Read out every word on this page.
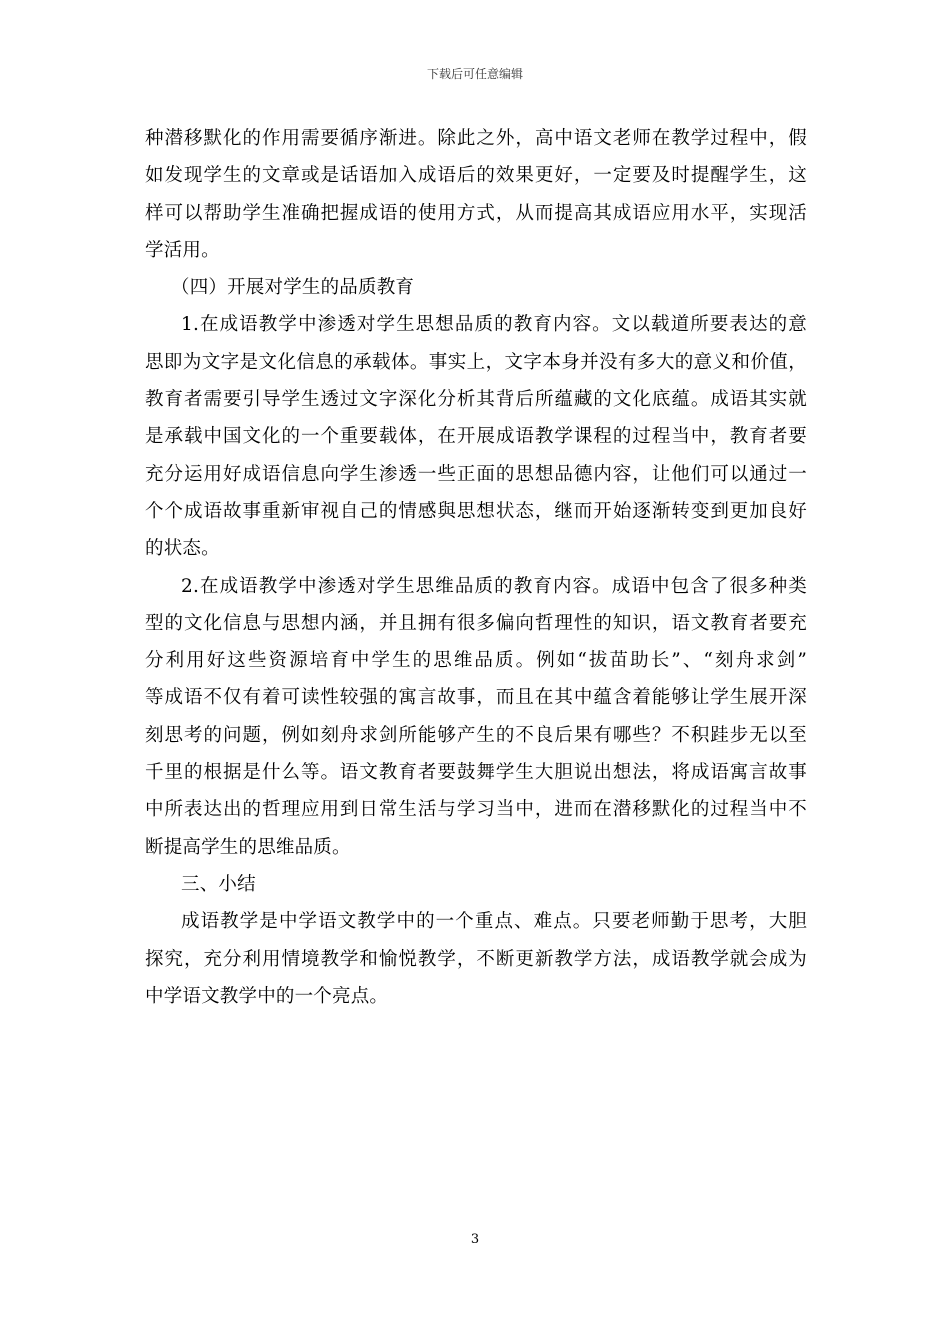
下载后可任意编辑
种潜移默化的作用需要循序渐进。除此之外，高中语文老师在教学过程中，假
如发现学生的文章或是话语加入成语后的效果更好，一定要及时提醒学生，这
样可以帮助学生准确把握成语的使用方式，从而提高其成语应用水平，实现活
学活用。
（四）开展对学生的品质教育
1.在成语教学中渗透对学生思想品质的教育内容。文以载道所要表达的意
思即为文字是文化信息的承载体。事实上，文字本身并没有多大的意义和价值，
教育者需要引导学生透过文字深化分析其背后所蕴藏的文化底蕴。成语其实就
是承载中国文化的一个重要载体，在开展成语教学课程的过程当中，教育者要
充分运用好成语信息向学生渗透一些正面的思想品德内容，让他们可以通过一
个个成语故事重新审视自己的情感與思想状态，继而开始逐渐转变到更加良好
的状态。
2.在成语教学中渗透对学生思维品质的教育内容。成语中包含了很多种类
型的文化信息与思想内涵，并且拥有很多偏向哲理性的知识，语文教育者要充
分利用好这些资源培育中学生的思维品质。例如“拔苗助长”、“刻舟求剑”
等成语不仅有着可读性较强的寓言故事，而且在其中蕴含着能够让学生展开深
刻思考的问题，例如刻舟求剑所能够产生的不良后果有哪些？不积跬步无以至
千里的根据是什么等。语文教育者要鼓舞学生大胆说出想法，将成语寓言故事
中所表达出的哲理应用到日常生活与学习当中，进而在潜移默化的过程当中不
断提高学生的思维品质。
三、小结
成语教学是中学语文教学中的一个重点、难点。只要老师勤于思考，大胆
探究，充分利用情境教学和愉悦教学，不断更新教学方法，成语教学就会成为
中学语文教学中的一个亮点。
3
